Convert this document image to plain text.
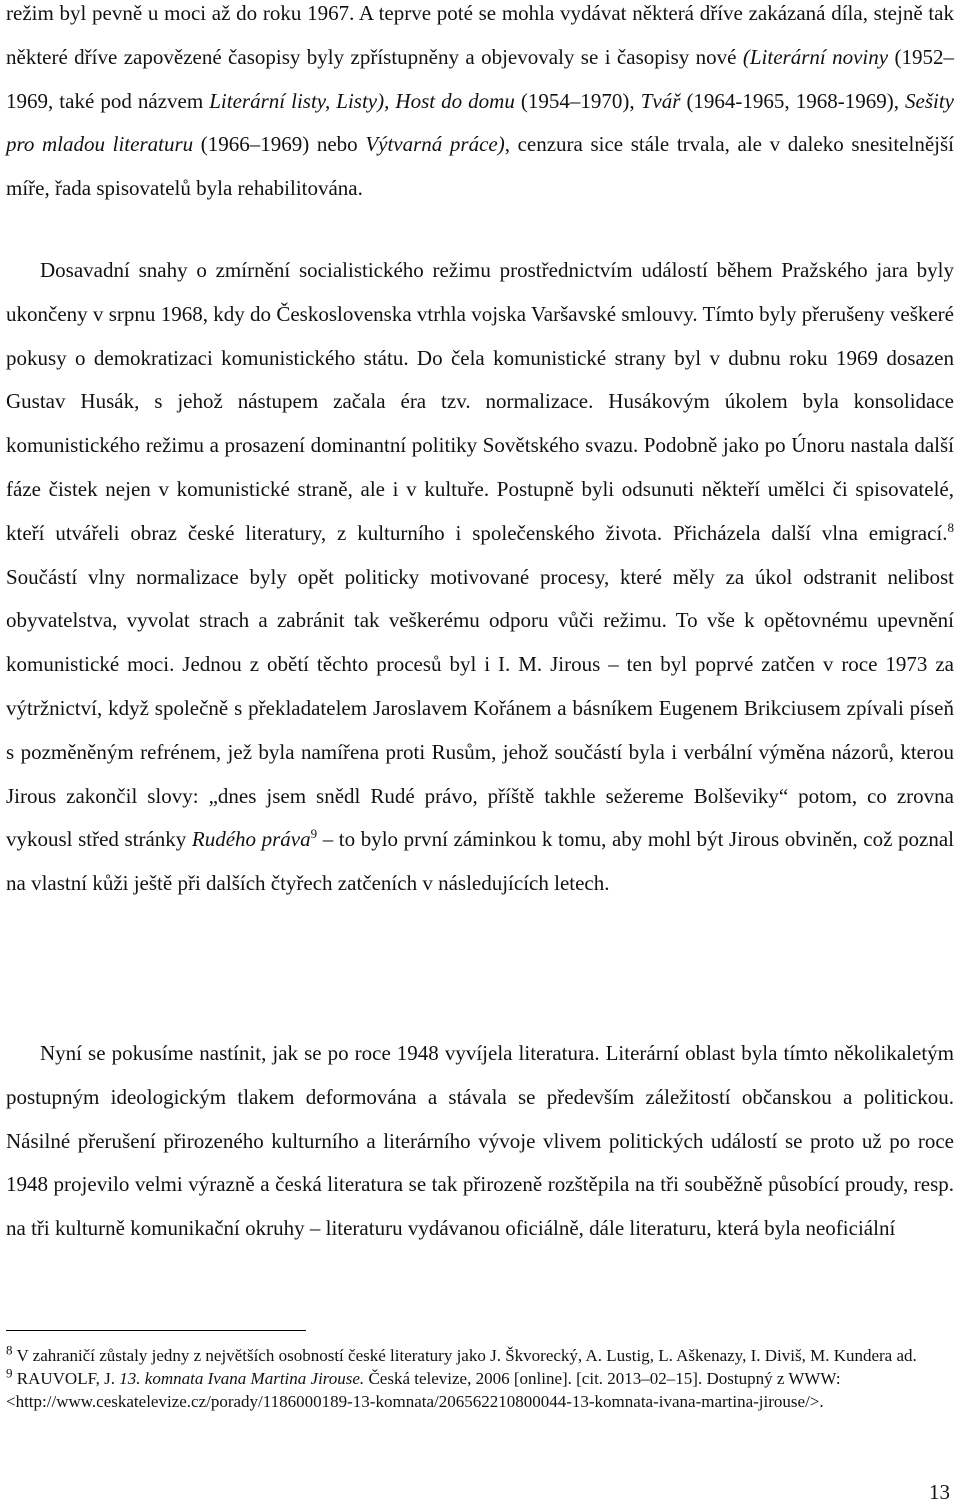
režim byl pevně u moci až do roku 1967. A teprve poté se mohla vydávat některá dříve zakázaná díla, stejně tak některé dříve zapovězené časopisy byly zpřístupněny a objevovaly se i časopisy nové (Literární noviny (1952–1969, také pod názvem Literární listy, Listy), Host do domu (1954–1970), Tvář (1964-1965, 1968-1969), Sešity pro mladou literaturu (1966–1969) nebo Výtvarná práce), cenzura sice stále trvala, ale v daleko snesitelnější míře, řada spisovatelů byla rehabilitována.

Dosavadní snahy o zmírnění socialistického režimu prostřednictvím událostí během Pražského jara byly ukončeny v srpnu 1968, kdy do Československa vtrhla vojska Varšavské smlouvy. Tímto byly přerušeny veškeré pokusy o demokratizaci komunistického státu. Do čela komunistické strany byl v dubnu roku 1969 dosazen Gustav Husák, s jehož nástupem začala éra tzv. normalizace. Husákovým úkolem byla konsolidace komunistického režimu a prosazení dominantní politiky Sovětského svazu. Podobně jako po Únoru nastala další fáze čistek nejen v komunistické straně, ale i v kultuře. Postupně byli odsunuti někteří umělci či spisovatelé, kteří utvářeli obraz české literatury, z kulturního i společenského života. Přicházela další vlna emigrací.$^8$ Součástí vlny normalizace byly opět politicky motivované procesy, které měly za úkol odstranit nelibost obyvatelstva, vyvolat strach a zabránit tak veškerému odporu vůči režimu. To vše k opětovnému upevnění komunistické moci. Jednou z obětí těchto procesů byl i I. M. Jirous – ten byl poprvé zatčen v roce 1973 za výtržnictví, když společně s překladatelem Jaroslavem Kořánem a básníkem Eugenem Brikciusem zpívali píseň s pozměněným refrénem, jež byla namířena proti Rusům, jehož součástí byla i verbální výměna názorů, kterou Jirous zakončil slovy: „dnes jsem snědl Rudé právo, příště takhle sežereme Bolševiky“ potom, co zrovna vykousl střed stránky Rudého práva$^9$ – to bylo první záminkou k tomu, aby mohl být Jirous obviněn, což poznal na vlastní kůži ještě při dalších čtyřech zatčeních v následujících letech.

Nyní se pokusíme nastínit, jak se po roce 1948 vyvíjela literatura. Literární oblast byla tímto několikaletým postupným ideologickým tlakem deformována a stávala se především záležitostí občanskou a politickou. Násilné přerušení přirozeného kulturního a literárního vývoje vlivem politických událostí se proto už po roce 1948 projevilo velmi výrazně a česká literatura se tak přirozeně rozštěpila na tři souběžně působící proudy, resp. na tři kulturně komunikační okruhy – literaturu vydávanou oficiálně, dále literaturu, která byla neoficiální

$^8$ V zahraničí zůstaly jedny z největších osobností české literatury jako J. Škvorecký, A. Lustig, L. Aškenazy, I. Diviš, M. Kundera ad.

$^9$ RAUVOLF, J. 13. komnata Ivana Martina Jirouse. Česká televize, 2006 [online]. [cit. 2013–02–15]. Dostupný z WWW: <http://www.ceskatelevize.cz/porady/1186000189-13-komnata/206562210800044-13-komnata-ivana-martina-jirouse/>.

13
